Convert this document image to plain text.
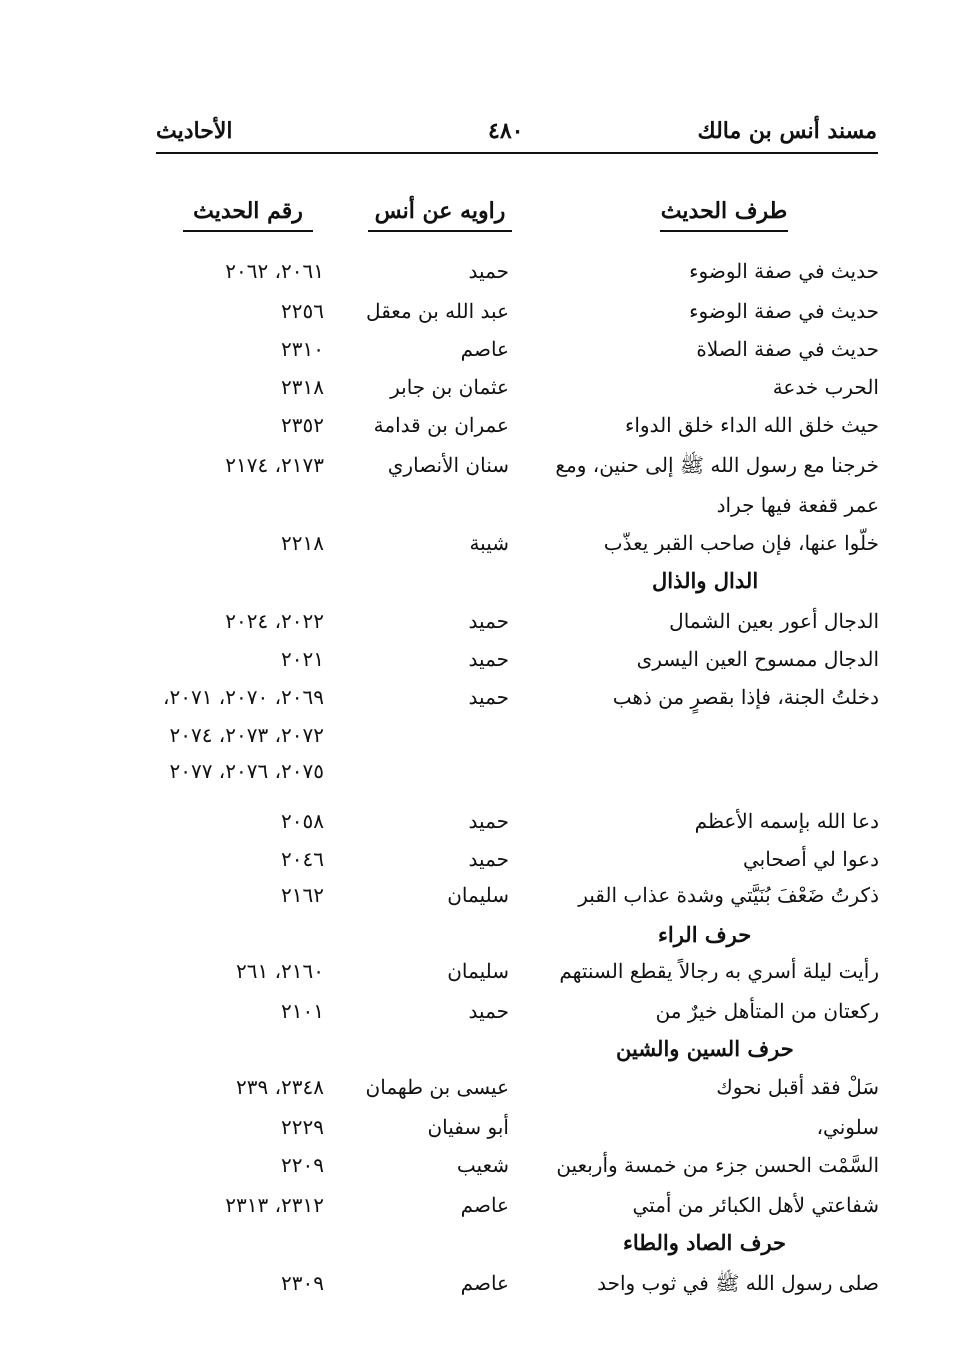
مسند أنس بن مالك
٤٨٠
الأحاديث
طرف الحديث
راويه عن أنس
رقم الحديث
حديث في صفة الوضوء
حميد
٢٠٦١، ٢٠٦٢
حديث في صفة الوضوء
عبد الله بن معقل
٢٢٥٦
حديث في صفة الصلاة
عاصم
٢٣١٠
الحرب خدعة
عثمان بن جابر
٢٣١٨
حيث خلق الله الداء خلق الدواء
عمران بن قدامة
٢٣٥٢
خرجنا مع رسول الله ﷺ إلى حنين، ومع
سنان الأنصاري
٢١٧٣، ٢١٧٤
عمر قفعة فيها جراد
خلّوا عنها، فإن صاحب القبر يعذّب
شيبة
٢٢١٨
الدال والذال
الدجال أعور بعين الشمال
حميد
٢٠٢٢، ٢٠٢٤
الدجال ممسوح العين اليسرى
حميد
٢٠٢١
دخلتُ الجنة، فإذا بقصرٍ من ذهب
حميد
٢٠٦٩، ٢٠٧٠، ٢٠٧١،
٢٠٧٢، ٢٠٧٣، ٢٠٧٤
٢٠٧٥، ٢٠٧٦، ٢٠٧٧
دعا الله بإسمه الأعظم
حميد
٢٠٥٨
دعوا لي أصحابي
حميد
٢٠٤٦
ذكرتُ ضَعْفَ بُنَيَّتي وشدة عذاب القبر
سليمان
٢١٦٢
حرف الراء
رأيت ليلة أسري به رجالاً يقطع السنتهم
سليمان
٢١٦٠، ٢٦١
ركعتان من المتأهل خيرٌ من
حميد
٢١٠١
حرف السين والشين
سَلْ فقد أقبل نحوك
عيسى بن طهمان
٢٣٤٨، ٢٣٩
سلوني،
أبو سفيان
٢٢٢٩
السَّمْت الحسن جزء من خمسة وأربعين
شعيب
٢٢٠٩
شفاعتي لأهل الكبائر من أمتي
عاصم
٢٣١٢، ٢٣١٣
حرف الصاد والطاء
صلى رسول الله ﷺ في ثوب واحد
عاصم
٢٣٠٩
